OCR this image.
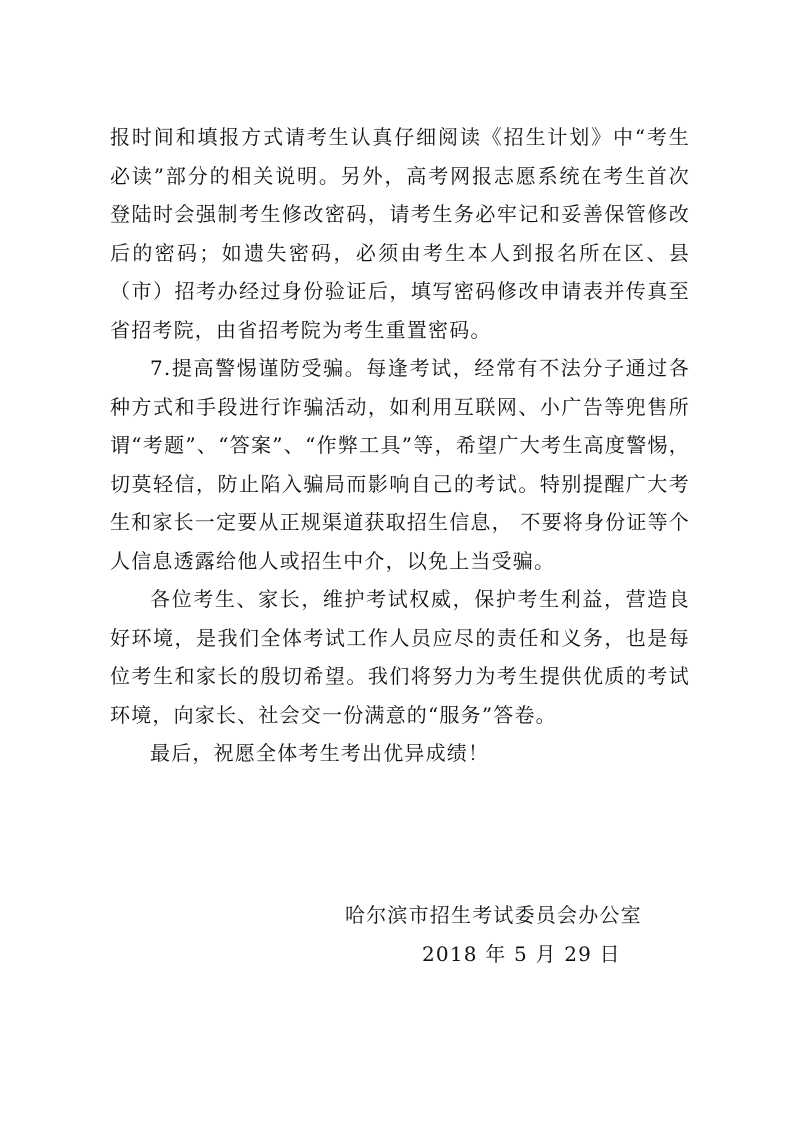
报时间和填报方式请考生认真仔细阅读《招生计划》中“考生必读”部分的相关说明。另外，高考网报志愿系统在考生首次登陆时会强制考生修改密码，请考生务必牢记和妥善保管修改后的密码；如遗失密码，必须由考生本人到报名所在区、县（市）招考办经过身份验证后，填写密码修改申请表并传真至省招考院，由省招考院为考生重置密码。

7.提高警惕谨防受骗。每逢考试，经常有不法分子通过各种方式和手段进行诈骗活动，如利用互联网、小广告等兜售所谓“考题”、“答案”、“作弊工具”等，希望广大考生高度警惕，切莫轻信，防止陷入骗局而影响自己的考试。特别提醒广大考生和家长一定要从正规渠道获取招生信息， 不要将身份证等个人信息透露给他人或招生中介，以免上当受骗。

各位考生、家长，维护考试权威，保护考生利益，营造良好环境，是我们全体考试工作人员应尽的责任和义务，也是每位考生和家长的殷切希望。我们将努力为考生提供优质的考试环境，向家长、社会交一份满意的“服务”答卷。

最后，祝愿全体考生考出优异成绩！

哈尔滨市招生考试委员会办公室
2018 年 5 月 29 日
